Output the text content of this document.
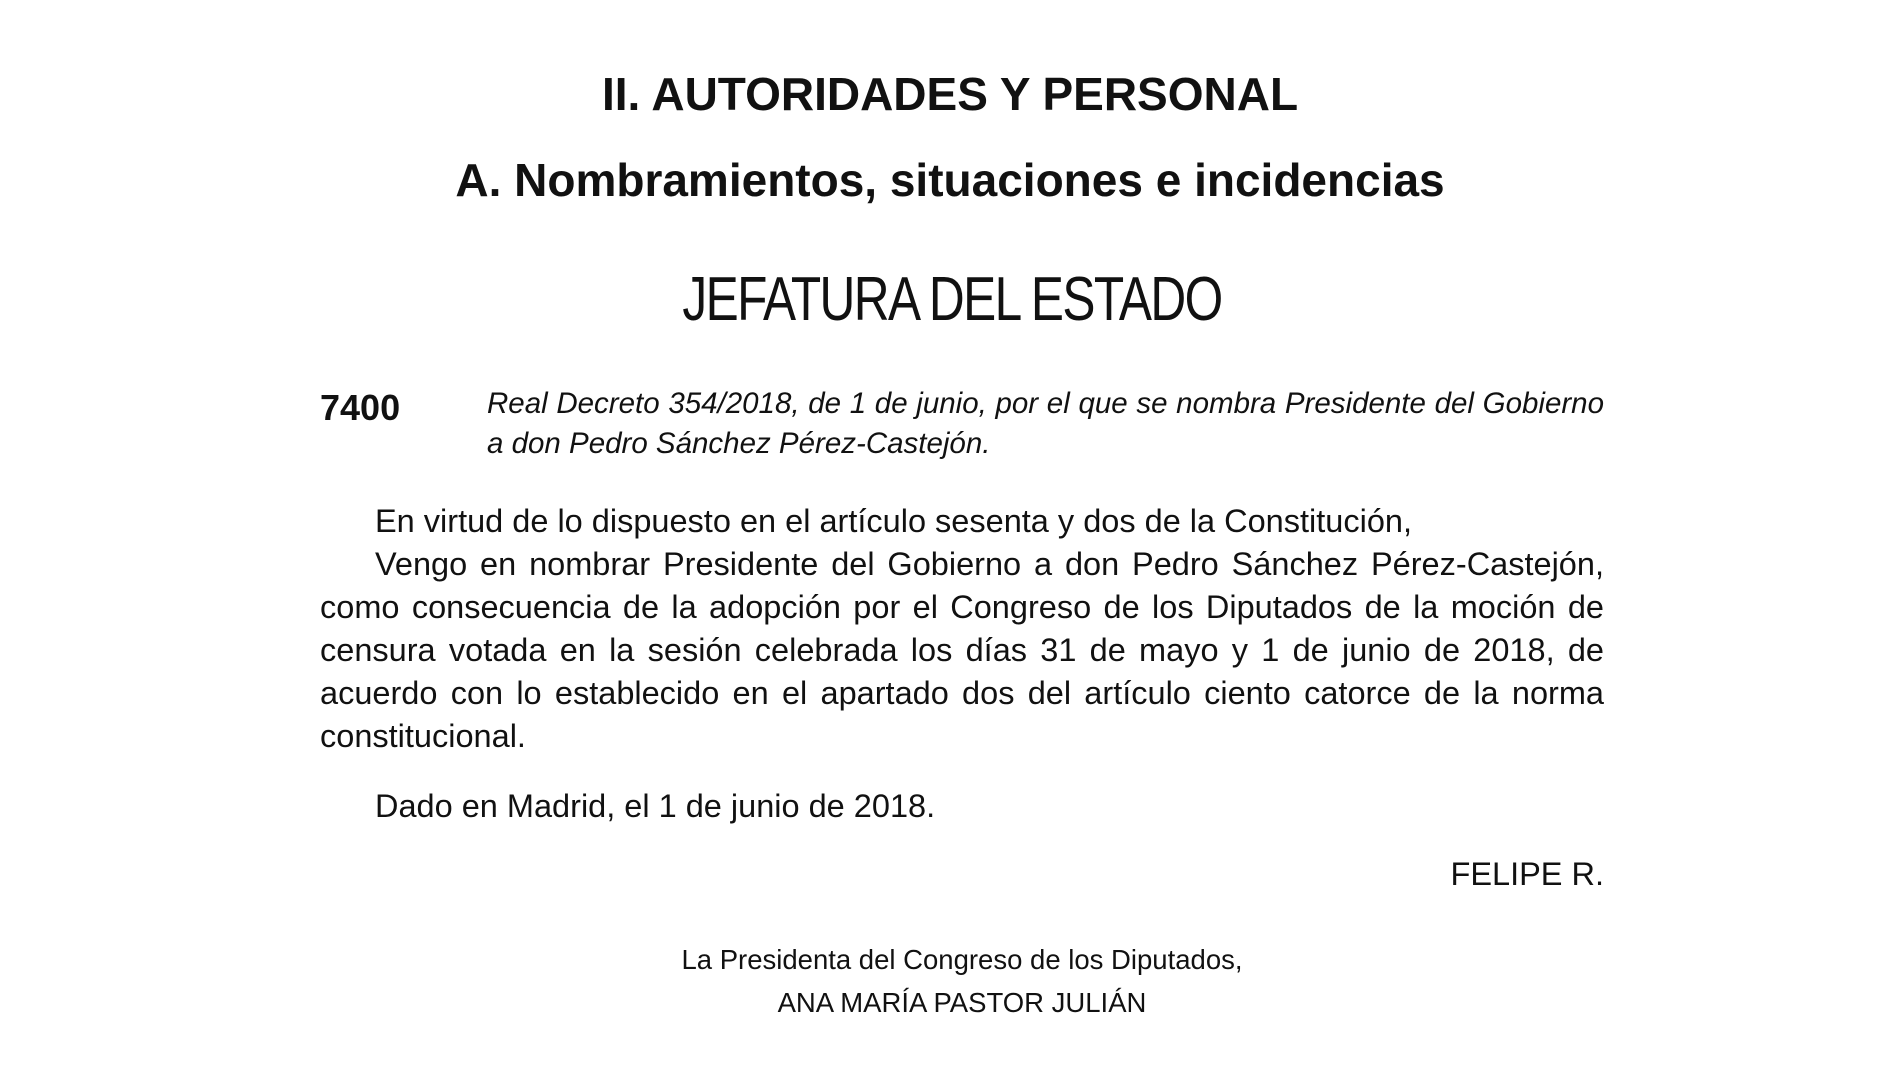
II. AUTORIDADES Y PERSONAL
A. Nombramientos, situaciones e incidencias
JEFATURA DEL ESTADO
7400	Real Decreto 354/2018, de 1 de junio, por el que se nombra Presidente del Gobierno a don Pedro Sánchez Pérez-Castejón.
En virtud de lo dispuesto en el artículo sesenta y dos de la Constitución,
Vengo en nombrar Presidente del Gobierno a don Pedro Sánchez Pérez-Castejón, como consecuencia de la adopción por el Congreso de los Diputados de la moción de censura votada en la sesión celebrada los días 31 de mayo y 1 de junio de 2018, de acuerdo con lo establecido en el apartado dos del artículo ciento catorce de la norma constitucional.
Dado en Madrid, el 1 de junio de 2018.
FELIPE R.
La Presidenta del Congreso de los Diputados,
ANA MARÍA PASTOR JULIÁN
